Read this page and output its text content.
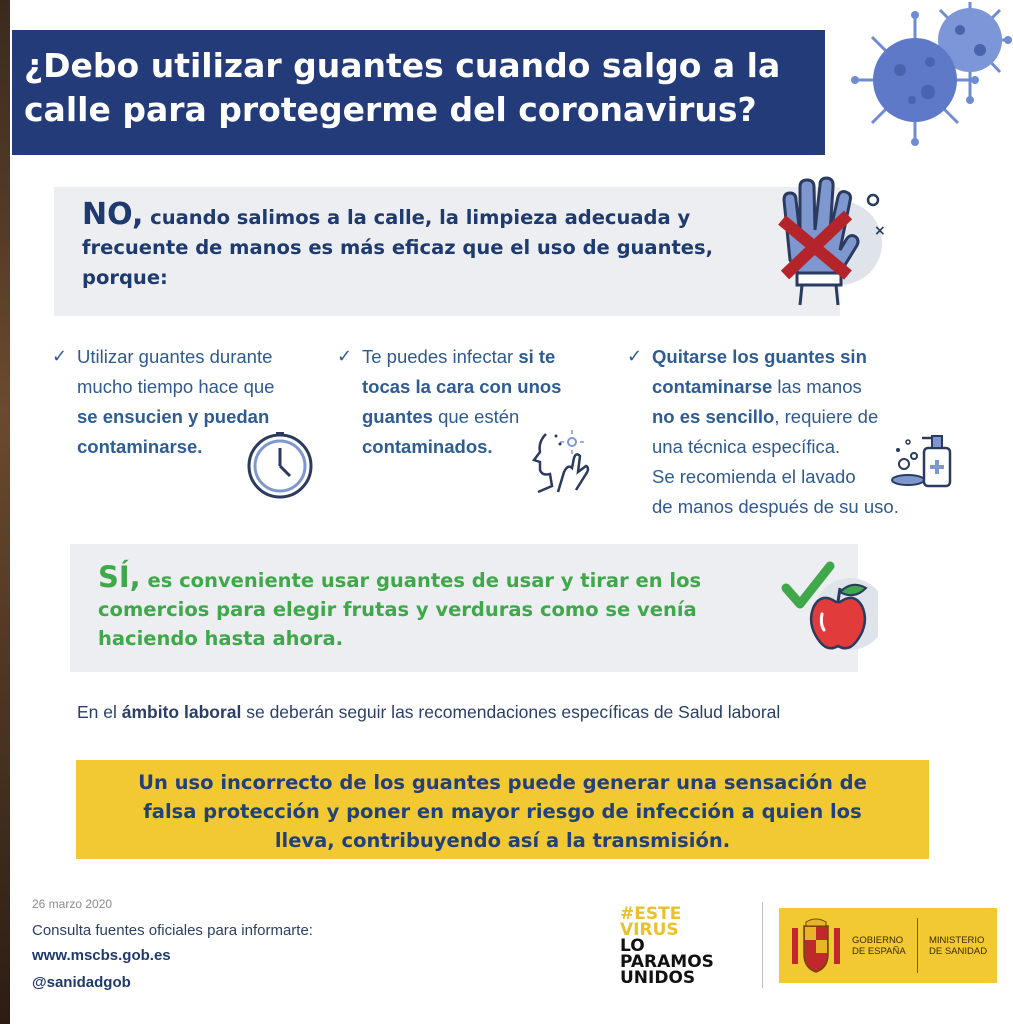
¿Debo utilizar guantes cuando salgo a la
calle para protegerme del coronavirus?
NO, cuando salimos a la calle, la limpieza adecuada y
frecuente de manos es más eficaz que el uso de guantes,
porque:
×
✓ Utilizar guantes durante
mucho tiempo hace que
se ensucien y puedan
contaminarse.
✓ Te puedes infectar si te
tocas la cara con unos
guantes que estén
contaminados.
✓ Quitarse los guantes sin
contaminarse las manos
no es sencillo, requiere de
una técnica específica.
Se recomienda el lavado
de manos después de su uso.
SÍ, es conveniente usar guantes de usar y tirar en los
comercios para elegir frutas y verduras como se venía
haciendo hasta ahora.
En el ámbito laboral se deberán seguir las recomendaciones específicas de Salud laboral
Un uso incorrecto de los guantes puede generar una sensación de
falsa protección y poner en mayor riesgo de infección a quien los
lleva, contribuyendo así a la transmisión.
26 marzo 2020
Consulta fuentes oficiales para informarte:
www.mscbs.gob.es
@sanidadgob
#ESTE
VIRUS
LO
PARAMOS
UNIDOS
GOBIERNO
DE ESPAÑA
MINISTERIO
DE SANIDAD
